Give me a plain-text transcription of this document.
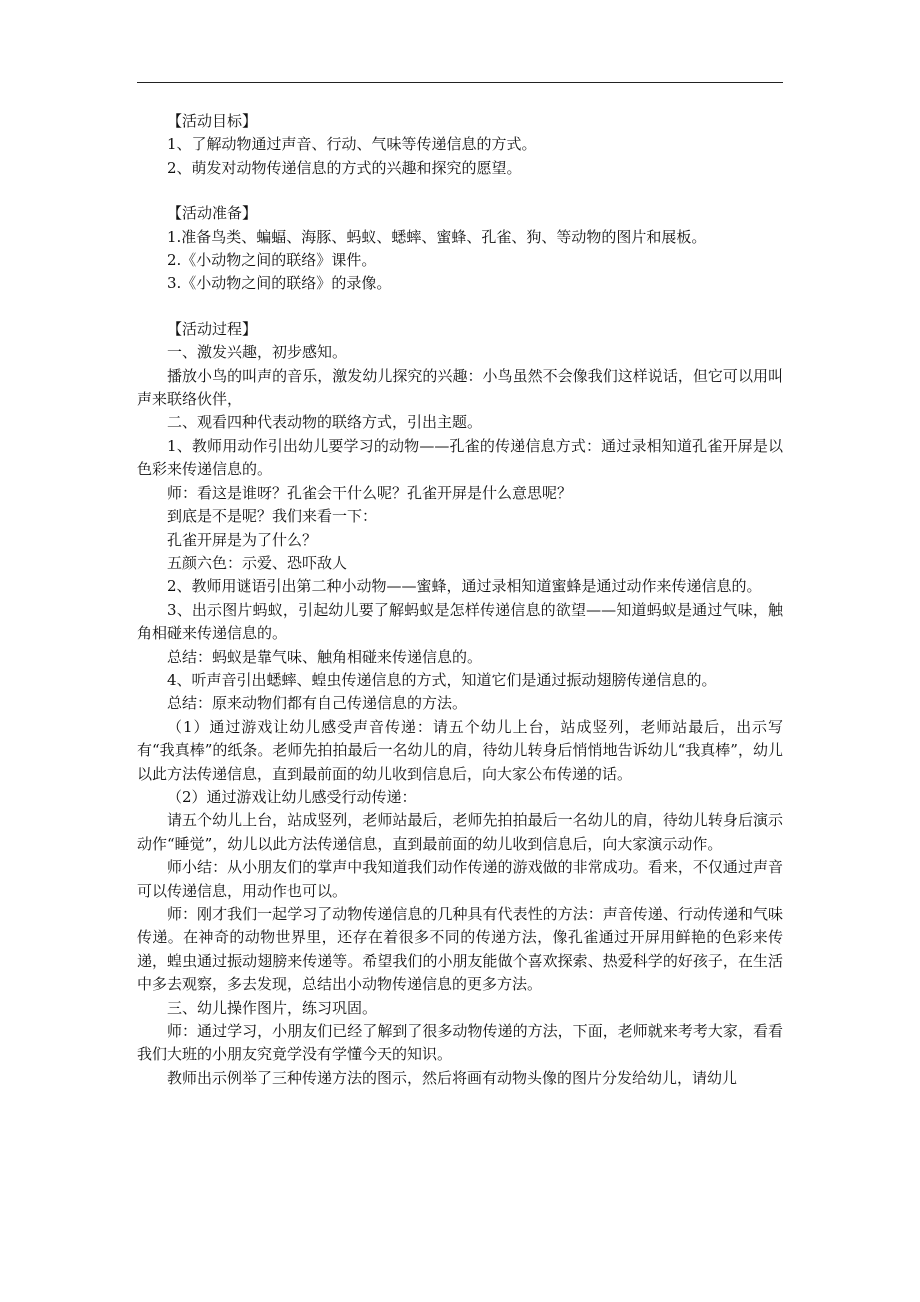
【活动目标】

1、了解动物通过声音、行动、气味等传递信息的方式。

2、萌发对动物传递信息的方式的兴趣和探究的愿望。

【活动准备】

1.准备鸟类、蝙蝠、海豚、蚂蚁、蟋蟀、蜜蜂、孔雀、狗、等动物的图片和展板。

2.《小动物之间的联络》课件。

3.《小动物之间的联络》的录像。

【活动过程】

一、激发兴趣，初步感知。

播放小鸟的叫声的音乐，激发幼儿探究的兴趣：小鸟虽然不会像我们这样说话，但它可以用叫声来联络伙伴，

二、观看四种代表动物的联络方式，引出主题。

1、教师用动作引出幼儿要学习的动物——孔雀的传递信息方式：通过录相知道孔雀开屏是以色彩来传递信息的。

师：看这是谁呀？孔雀会干什么呢？孔雀开屏是什么意思呢？

到底是不是呢？我们来看一下：

孔雀开屏是为了什么？

五颜六色：示爱、恐吓敌人

2、教师用谜语引出第二种小动物——蜜蜂，通过录相知道蜜蜂是通过动作来传递信息的。

3、出示图片蚂蚁，引起幼儿要了解蚂蚁是怎样传递信息的欲望——知道蚂蚁是通过气味，触角相碰来传递信息的。

总结：蚂蚁是靠气味、触角相碰来传递信息的。

4、听声音引出蟋蟀、蝗虫传递信息的方式，知道它们是通过振动翅膀传递信息的。

总结：原来动物们都有自己传递信息的方法。

（1）通过游戏让幼儿感受声音传递：请五个幼儿上台，站成竖列，老师站最后，出示写有“我真棒”的纸条。老师先拍拍最后一名幼儿的肩，待幼儿转身后悄悄地告诉幼儿“我真棒”，幼儿以此方法传递信息，直到最前面的幼儿收到信息后，向大家公布传递的话。

（2）通过游戏让幼儿感受行动传递：

请五个幼儿上台，站成竖列，老师站最后，老师先拍拍最后一名幼儿的肩，待幼儿转身后演示动作“睡觉”，幼儿以此方法传递信息，直到最前面的幼儿收到信息后，向大家演示动作。

师小结：从小朋友们的掌声中我知道我们动作传递的游戏做的非常成功。看来，不仅通过声音可以传递信息，用动作也可以。

师：刚才我们一起学习了动物传递信息的几种具有代表性的方法：声音传递、行动传递和气味传递。在神奇的动物世界里，还存在着很多不同的传递方法，像孔雀通过开屏用鲜艳的色彩来传递，蝗虫通过振动翅膀来传递等。希望我们的小朋友能做个喜欢探索、热爱科学的好孩子，在生活中多去观察，多去发现，总结出小动物传递信息的更多方法。

三、幼儿操作图片，练习巩固。

师：通过学习，小朋友们已经了解到了很多动物传递的方法，下面，老师就来考考大家，看看我们大班的小朋友究竟学没有学懂今天的知识。

教师出示例举了三种传递方法的图示，然后将画有动物头像的图片分发给幼儿，请幼儿
